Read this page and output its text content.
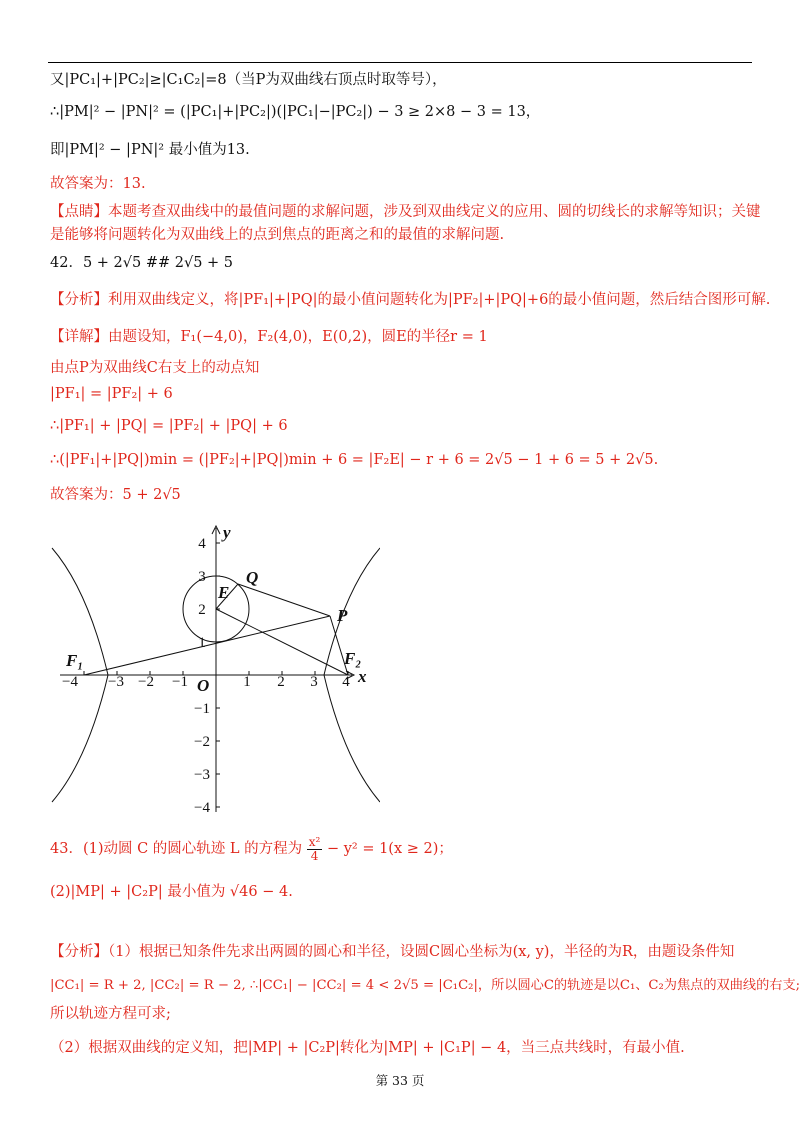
又|PC₁|+|PC₂|≥|C₁C₂|=8（当P为双曲线右顶点时取等号），
∴|PM|² − |PN|² = (|PC₁|+|PC₂|)(|PC₁|−|PC₂|) − 3 ≥ 2×8 − 3 = 13，
即|PM|² − |PN|² 最小值为13.
故答案为：13.
【点睛】本题考查双曲线中的最值问题的求解问题，涉及到双曲线定义的应用、圆的切线长的求解等知识；关键
是能够将问题转化为双曲线上的点到焦点的距离之和的最值的求解问题.
42．5 + 2√5 ## 2√5 + 5
【分析】利用双曲线定义，将|PF₁|+|PQ|的最小值问题转化为|PF₂|+|PQ|+6的最小值问题，然后结合图形可解.
【详解】由题设知，F₁(−4,0)，F₂(4,0)，E(0,2)，圆E的半径r = 1
由点P为双曲线C右支上的动点知
|PF₁| = |PF₂| + 6
∴|PF₁| + |PQ| = |PF₂| + |PQ| + 6
∴(|PF₁|+|PQ|)min = (|PF₂|+|PQ|)min + 6 = |F₂E| − r + 6 = 2√5 − 1 + 6 = 5 + 2√5.
故答案为：5 + 2√5
−4 −3 −2 −1	1 2 3 4
4
3
2
1
−1
−2
−3
−4
x
y
O
F₁	F₂
E
Q
P
43．(1)动圆 C 的圆心轨迹 L 的方程为 $\frac{\text{x²}}{4} - y^2 = 1(x \ge 2)$；
(2)|MP| + |C₂P| 最小值为 √46 − 4.
【分析】（1）根据已知条件先求出两圆的圆心和半径，设圆C圆心坐标为(x, y)，半径的为R，由题设条件知
|CC₁| = R + 2, |CC₂| = R − 2, ∴|CC₁| − |CC₂| = 4 < 2√5 = |C₁C₂|，所以圆心C的轨迹是以C₁、C₂为焦点的双曲线的右支;
所以轨迹方程可求;
（2）根据双曲线的定义知，把|MP| + |C₂P|转化为|MP| + |C₁P| − 4，当三点共线时，有最小值.
第 33 页
